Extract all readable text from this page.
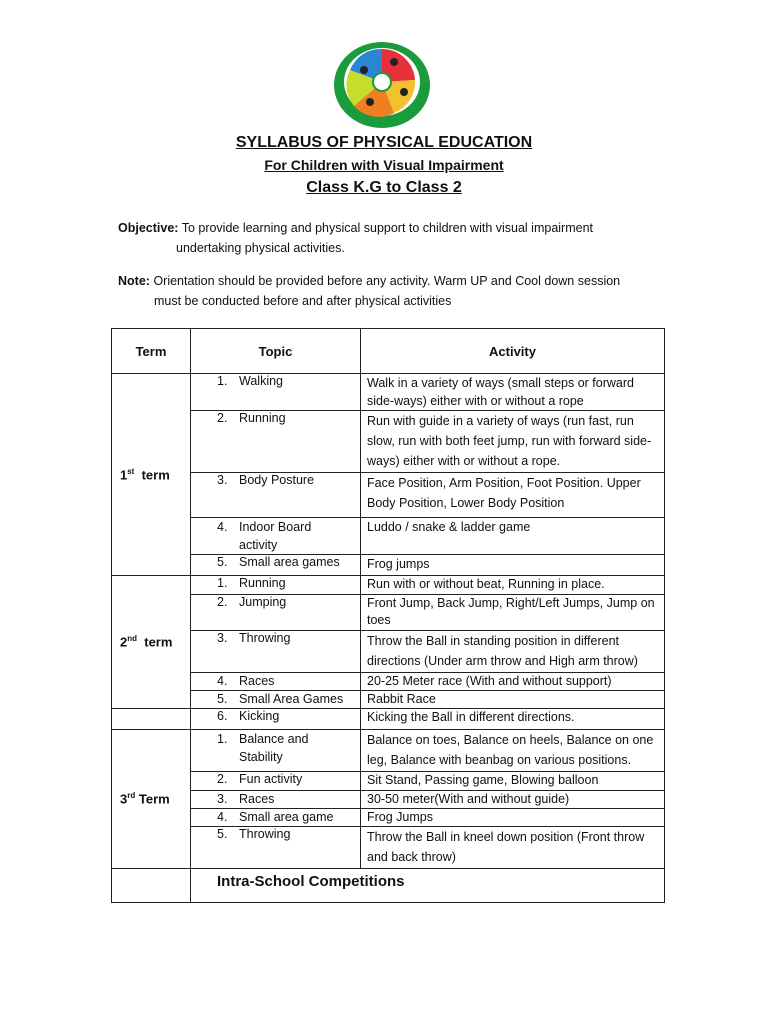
SYLLABUS OF PHYSICAL EDUCATION
For Children with Visual Impairment
Class K.G to Class 2
Objective: To provide learning and physical support to children with visual impairment
undertaking physical activities.
Note: Orientation should be provided before any activity. Warm UP and Cool down session
must be conducted before and after physical activities
Term	Topic	Activity
1st term	1. Walking	Walk in a variety of ways (small steps or forward side-ways) either with or without a rope
	2. Running	Run with guide in a variety of ways (run fast, run slow, run with both feet jump, run with forward side-ways) either with or without a rope.
	3. Body Posture	Face Position, Arm Position, Foot Position. Upper Body Position, Lower Body Position
	4. Indoor Board activity	Luddo / snake & ladder game
	5. Small area games	Frog jumps
2nd term	1. Running	Run with or without beat, Running in place.
	2. Jumping	Front Jump, Back Jump, Right/Left Jumps, Jump on toes
	3. Throwing	Throw the Ball in standing position in different directions (Under arm throw and High arm throw)
	4. Races	20-25 Meter race (With and without support)
	5. Small Area Games	Rabbit Race
	6. Kicking	Kicking the Ball in different directions.
3rd Term	1. Balance and Stability	Balance on toes, Balance on heels, Balance on one leg, Balance with beanbag on various positions.
	2. Fun activity	Sit Stand, Passing game, Blowing balloon
	3. Races	30-50 meter(With and without guide)
	4. Small area game	Frog Jumps
	5. Throwing	Throw the Ball in kneel down position (Front throw and back throw)
	Intra-School Competitions	
